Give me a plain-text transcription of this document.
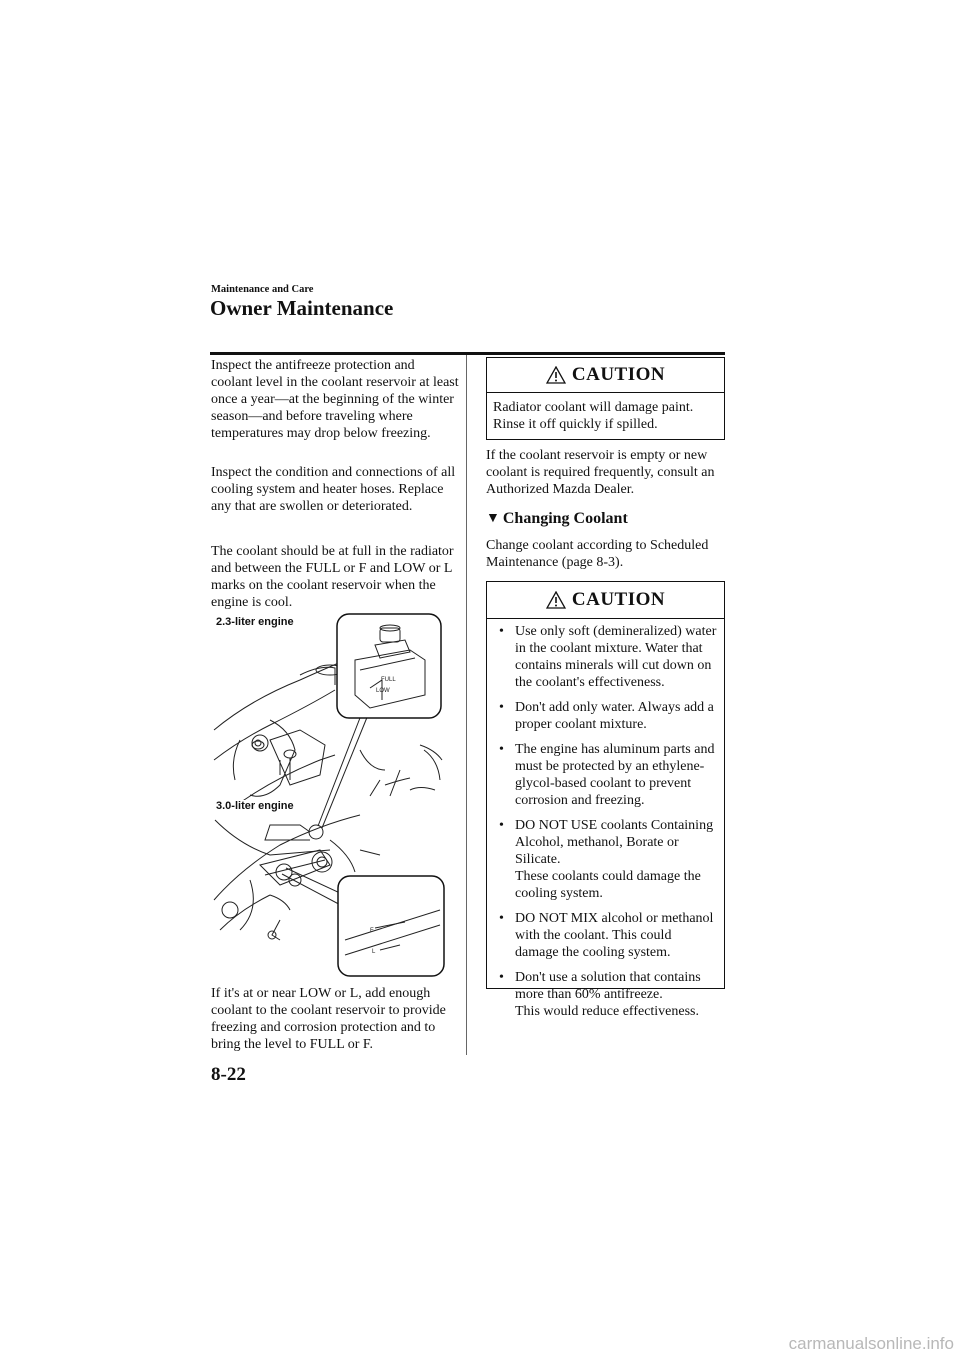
Maintenance and Care
Owner Maintenance

Inspect the antifreeze protection and coolant level in the coolant reservoir at least once a year―at the beginning of the winter season―and before traveling where temperatures may drop below freezing.

Inspect the condition and connections of all cooling system and heater hoses. Replace any that are swollen or deteriorated.

The coolant should be at full in the radiator and between the FULL or F and LOW or L marks on the coolant reservoir when the engine is cool.

FULL
LOW
F
L
2.3-liter engine
3.0-liter engine

If it's at or near LOW or L, add enough coolant to the coolant reservoir to provide freezing and corrosion protection and to bring the level to FULL or F.

CAUTION
Radiator coolant will damage paint. Rinse it off quickly if spilled.

If the coolant reservoir is empty or new coolant is required frequently, consult an Authorized Mazda Dealer.

▼ Changing Coolant

Change coolant according to Scheduled Maintenance (page 8-3).

CAUTION
• Use only soft (demineralized) water in the coolant mixture. Water that contains minerals will cut down on the coolant's effectiveness.
• Don't add only water. Always add a proper coolant mixture.
• The engine has aluminum parts and must be protected by an ethylene-glycol-based coolant to prevent corrosion and freezing.
• DO NOT USE coolants Containing Alcohol, methanol, Borate or Silicate.
These coolants could damage the cooling system.
• DO NOT MIX alcohol or methanol with the coolant. This could damage the cooling system.
• Don't use a solution that contains more than 60% antifreeze.
This would reduce effectiveness.
8-22
carmanualsonline.info
